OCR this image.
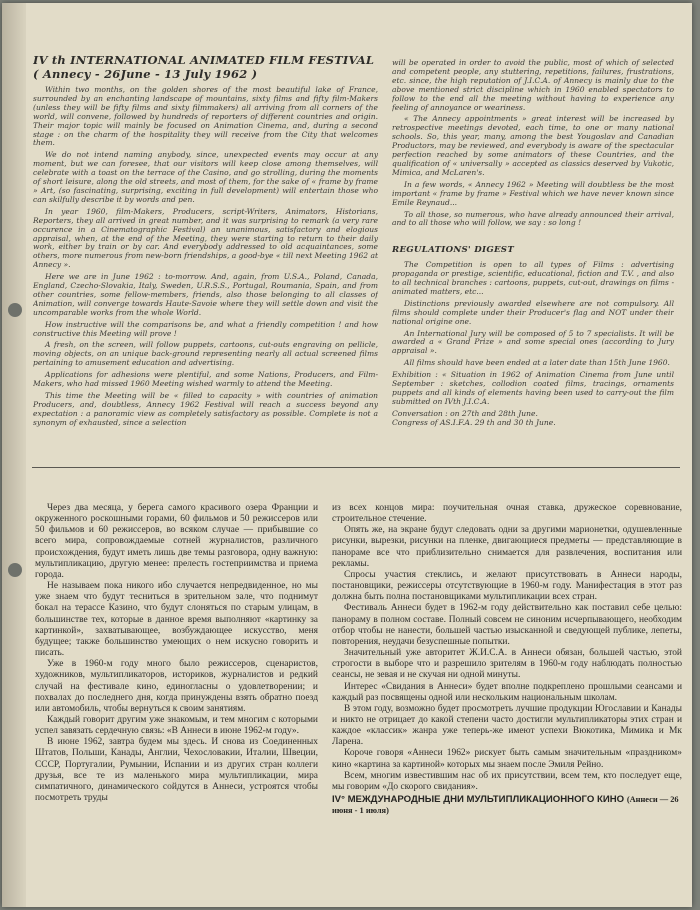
IV th INTERNATIONAL ANIMATED FILM FESTIVAL ( Annecy - 26June - 13 July 1962 )

Within two months, on the golden shores of the most beautiful lake of France, surrounded by an enchanting landscape of mountains, sixty films and fifty film-Makers (unless they will be fifty films and sixty filmmakers) all arriving from all corners of the world, will convene, followed by hundreds of reporters of different countries and origin. Their major topic will mainly be focused on Animation Cinema, and, during a second stage : on the charm of the hospitality they will receive from the City that welcomes them.

We do not intend naming anybody, since, unexpected events may occur at any moment, but we can foresee, that our visitors will keep close among themselves, will celebrate with a toast on the terrace of the Casino, and go strolling, during the moments of short leisure, along the old streets, and most of them, for the sake of « frame by frame » Art, (so fascinating, surprising, exciting in full development) will entertain those who can skilfully describe it by words and pen.

In year 1960, film-Makers, Producers, script-Writers, Animators, Historians, Reporters, they all arrived in great number, and it was surprising to remark (a very rare occurence in a Cinematographic Festival) an unanimous, satisfactory and elogious appraisal, when, at the end of the Meeting, they were starting to return to their daily work, either by train or by car. And everybody addressed to old acquaintances, some others, more numerous from new-born friendships, a good-bye « till next Meeting 1962 at Annecy ».

Here we are in June 1962 : to-morrow. And, again, from U.S.A., Poland, Canada, England, Czecho-Slovakia, Italy, Sweden, U.R.S.S., Portugal, Roumania, Spain, and from other countries, some fellow-members, friends, also those belonging to all classes of Animation, will converge towards Haute-Savoie where they will settle down and visit the uncomparable works from the whole World.

How instructive will the comparisons be, and what a friendly competition ! and how constructive this Meeting will prove !

A fresh, on the screen, will follow puppets, cartoons, cut-outs engraving on pellicle, moving objects, on an unique back-ground representing nearly all actual screened films pertaining to amusement education and advertising.

Applications for adhesions were plentiful, and some Nations, Producers, and Film-Makers, who had missed 1960 Meeting wished warmly to attend the Meeting.

This time the Meeting will be « filled to capacity » with countries of animation Producers, and, doubtless, Annecy 1962 Festival will reach a success beyond any expectation : a panoramic view as completely satisfactory as possible. Complete is not a synonym of exhausted, since a selection

will be operated in order to avoid the public, most of which of selected and competent people, any stuttering, repetitions, failures, frustrations, etc. since, the high reputation of J.I.C.A. of Annecy is mainly due to the above mentioned strict discipline which in 1960 enabled spectators to follow to the end all the meeting without having to experience any feeling of annoyance or weariness.

« The Annecy appointments » great interest will be increased by retrospective meetings devoted, each time, to one or many national schools. So, this year, many, among the best Yougoslav and Canadian Productors, may be reviewed, and everybody is aware of the spectacular perfection reached by some animators of these Countries, and the qualification of « universally » accepted as classics deserved by Vukotic, Mimica, and McLaren's.

In a few words, « Annecy 1962 » Meeting will doubtless be the most important « frame by frame » Festival which we have never known since Emile Reynaud...

To all those, so numerous, who have already announced their arrival, and to all those who will follow, we say : so long !

REGULATIONS' DIGEST

The Competition is open to all types of Films : advertising propaganda or prestige, scientific, educational, fiction and T.V. , and also to all technical branches : cartoons, puppets, cut-out, drawings on films - animated matters, etc...

Distinctions previously awarded elsewhere are not compulsory. All films should complete under their Producer's flag and NOT under their national origine one.

An International Jury will be composed of 5 to 7 specialists. It will be awarded a « Grand Prize » and some special ones (according to Jury appraisal ».

All films should have been ended at a later date than 15th June 1960.

Exhibition : « Situation in 1962 of Animation Cinema from June until September : sketches, collodion coated films, tracings, ornaments puppets and all kinds of elements having been used to carry-out the film submitted on IVth J.I.C.A.

Conversation : on 27th and 28th June.

Congress of AS.I.F.A. 29 th and 30 th June.

Через два месяца, у берега самого красивого озера Франции и окруженного роскошными горами, 60 фильмов и 50 режиссеров или 50 фильмов и 60 режиссеров, во всяком случае — прибывшие со всего мира, сопровождаемые сотней журналистов, различного происхождения, будут иметь лишь две темы разговора, одну важную: мультипликацию, другую менее: прелесть гостеприимства и приема города.

Не называем пока никого ибо случается непредвиденное, но мы уже знаем что будут тесниться в зрительном зале, что поднимут бокал на терассе Казино, что будут слоняться по старым улицам, в большинстве тех, которые в данное время выполняют «картинку за картинкой», захватывающее, возбуждающее искусство, меня будущее; также большинство умеющих о нем искусно говорить и писать.

Уже в 1960-м году много было режиссеров, сценаристов, художников, мультипликаторов, историков, журналистов и редкий случай на фестивале кино, единогласны о удовлетворении; и похвалах до последнего дня, когда принуждены взять обратно поезд или автомобиль, чтобы вернуться к своим занятиям.

Каждый говорит другим уже знакомым, и тем многим с которыми успел завязать сердечную связь: «В Аннеси в июне 1962-м году».

В июне 1962, завтра будем мы здесь. И снова из Соединенных Штатов, Польши, Канады, Англии, Чехословакии, Италии, Швеции, СССР, Португалии, Румынии, Испании и из других стран коллеги друзья, все те из маленького мира мультипликации, мира симпатичного, динамического сойдутся в Аннеси, устроятся чтобы посмотреть труды

из всех концов мира: поучительная очная ставка, дружеское соревнование, строительное стечение.

Опять же, на экране будут следовать одни за другими марионетки, одушевленные рисунки, вырезки, рисунки на пленке, двигающиеся предметы — представляющие в панораме все что приблизительно снимается для развлечения, воспитания или рекламы.

Спросы участия стеклись, и желают присутствовать в Аннеси народы, постановщики, режиссеры отсутствующие в 1960-м году. Манифестация в этот раз должна быть полна постановщиками мультипликации всех стран.

Фестиваль Аннеси будет в 1962-м году действительно как поставил себе целью: панораму в полном составе. Полный совсем не синоним исчерпывающего, необходим отбор чтобы не нанести, большей частью изысканной и сведующей публике, лепеты, повторения, неудачи безуспешные попытки.

Значительный уже авторитет Ж.И.С.А. в Аннеси обязан, большей частью, этой строгости в выборе что и разрешило зрителям в 1960-м году наблюдать полностью сеансы, не зевая и не скучая ни одной минуты.

Интерес «Свидания в Аннеси» будет вполне подкреплено прошлыми сеансами и каждый раз посвящены одной или нескольким национальным школам.

В этом году, возможно будет просмотреть лучшие продукции Югославии и Канады и никто не отрицает до какой степени часто достигли мультипликаторы этих стран и каждое «классик» жанра уже теперь-же имеют успехи Вюкотика, Мимика и Мк Ларена.

Короче говоря «Аннеси 1962» рискует быть самым значительным «праздником» кино «картина за картиной» которых мы знаем после Эмиля Рейно.

Всем, многим известившим нас об их присутствии, всем тем, кто последует еще, мы говорим «До скорого свидания».

IV° МЕЖДУНАРОДНЫЕ ДНИ МУЛЬТИПЛИКАЦИОННОГО КИНО (Аннеси — 26 июня - 1 июля)
